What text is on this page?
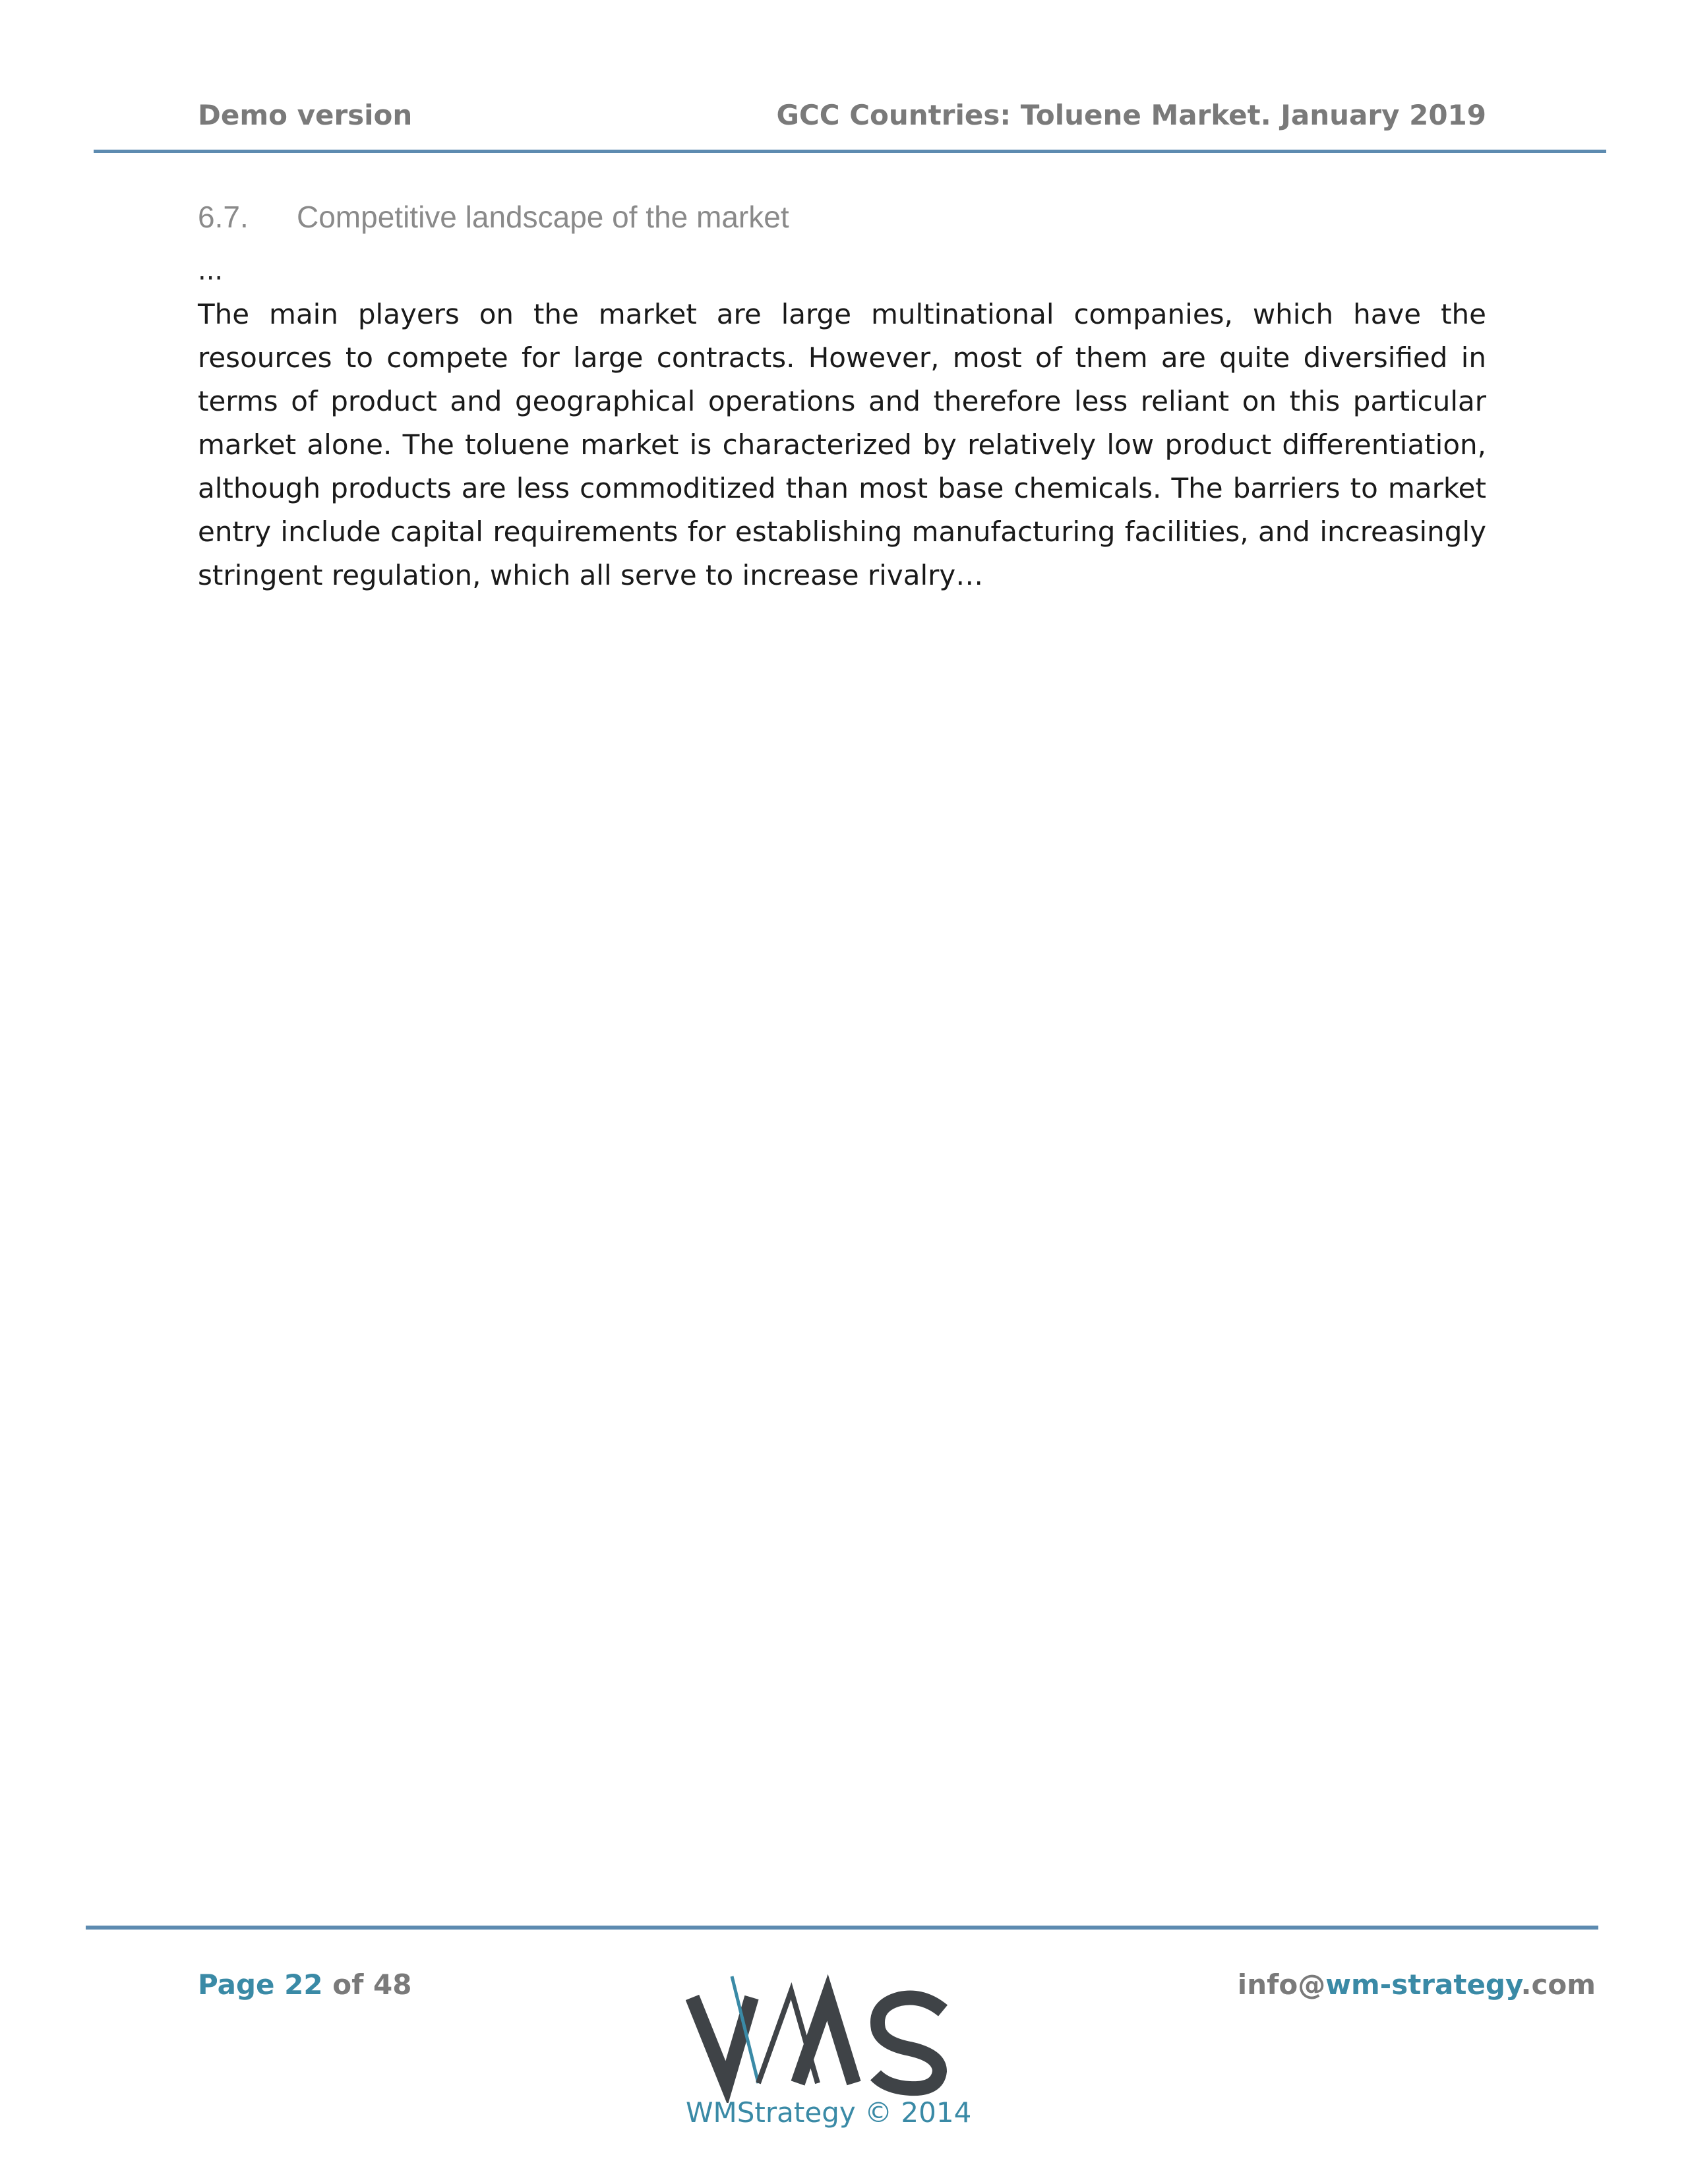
Demo version	GCC Countries: Toluene Market. January 2019
6.7. Competitive landscape of the market
...

The main players on the market are large multinational companies, which have the resources to compete for large contracts. However, most of them are quite diversified in terms of product and geographical operations and therefore less reliant on this particular market alone. The toluene market is characterized by relatively low product differentiation, although products are less commoditized than most base chemicals. The barriers to market entry include capital requirements for establishing manufacturing facilities, and increasingly stringent regulation, which all serve to increase rivalry…

Page 22 of 48	info@wm-strategy.com
WMStrategy © 2014
